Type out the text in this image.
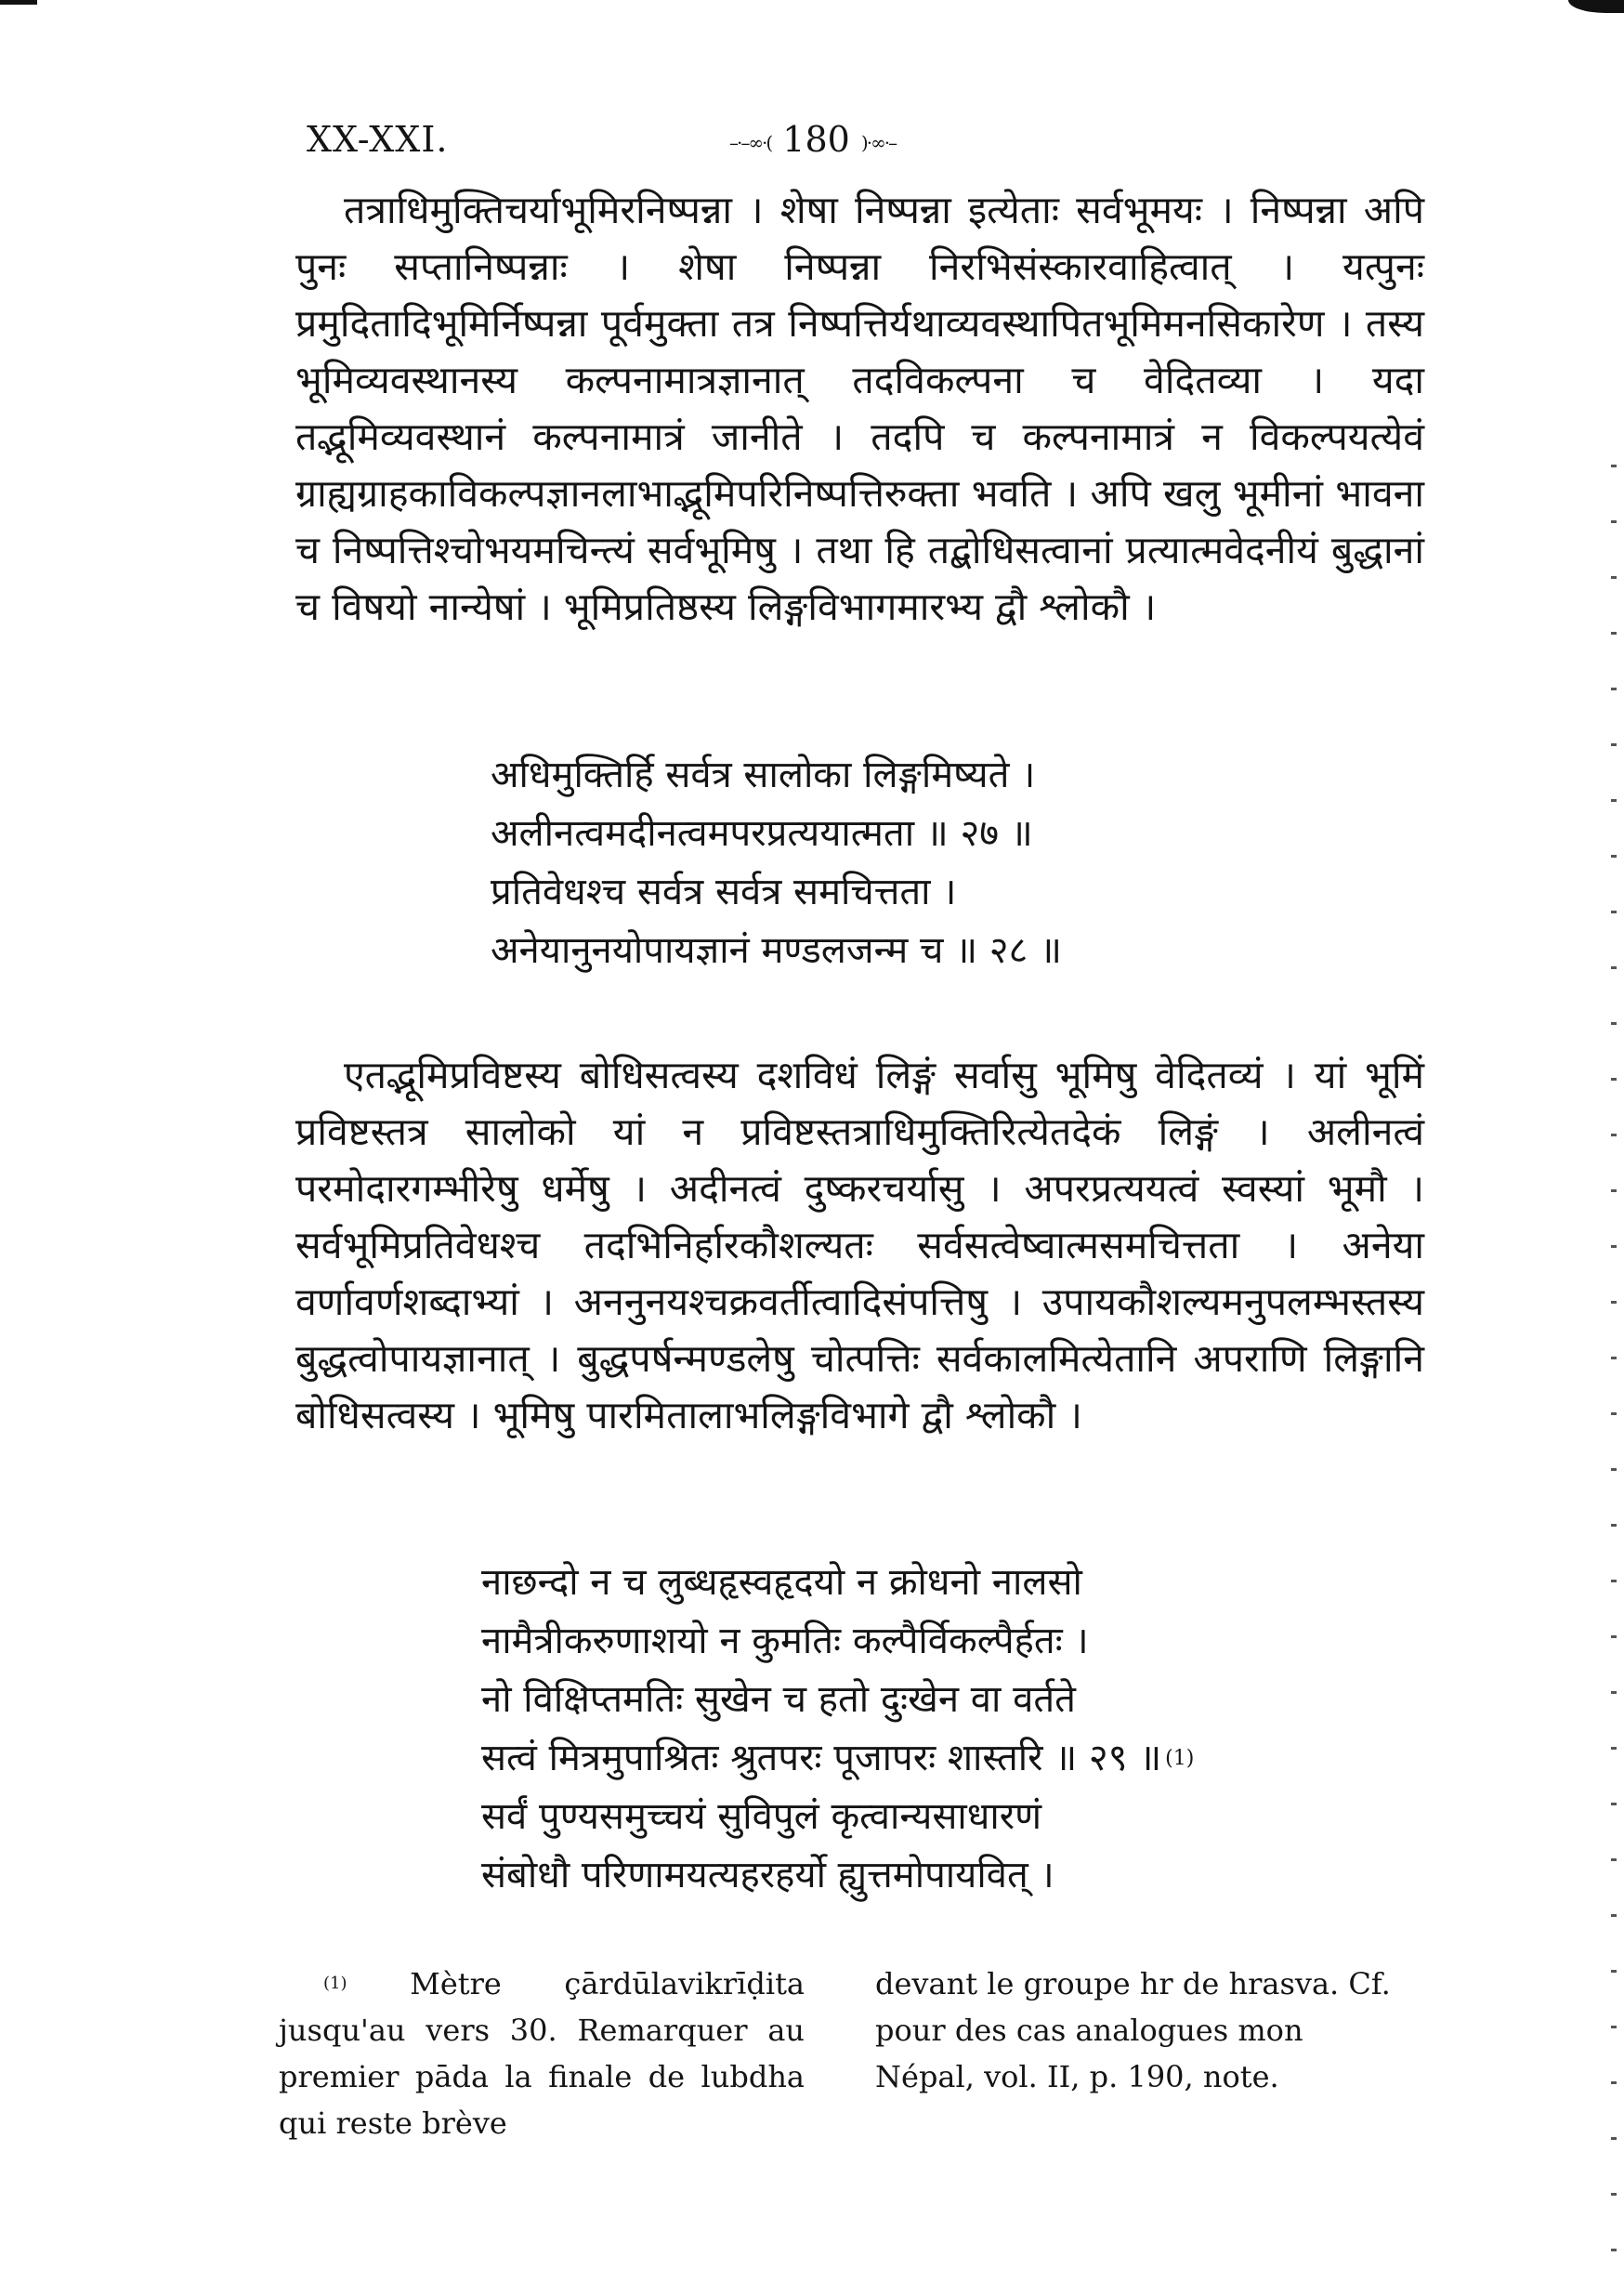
XX-XXI.	–·–∞·( 180 )·∞·–

तत्राधिमुक्तिचर्याभूमिरनिष्पन्ना । शेषा निष्पन्ना इत्येताः सर्वभूमयः । निष्पन्ना अपि पुनः सप्तानिष्पन्नाः । शेषा निष्पन्ना निरभिसंस्कारवाहित्वात् । यत्पुनः प्रमुदितादिभूमिर्निष्पन्ना पूर्वमुक्ता तत्र निष्पत्तिर्यथाव्यवस्थापितभूमिमनसिकारेण । तस्य भूमिव्यवस्थानस्य कल्पनामात्रज्ञानात् तदविकल्पना च वेदितव्या । यदा तद्भूमिव्यवस्थानं कल्पनामात्रं जानीते । तदपि च कल्पनामात्रं न विकल्पयत्येवं ग्राह्यग्राहकाविकल्पज्ञानलाभाद्भूमिपरिनिष्पत्तिरुक्ता भवति । अपि खलु भूमीनां भावना च निष्पत्तिश्चोभयमचिन्त्यं सर्वभूमिषु । तथा हि तद्बोधिसत्वानां प्रत्यात्मवेदनीयं बुद्धानां च विषयो नान्येषां । भूमिप्रतिष्ठस्य लिङ्गविभागमारभ्य द्वौ श्लोकौ ।

अधिमुक्तिर्हि सर्वत्र सालोका लिङ्गमिष्यते ।
अलीनत्वमदीनत्वमपरप्रत्ययात्मता ॥ २७ ॥
प्रतिवेधश्च सर्वत्र सर्वत्र समचित्तता ।
अनेयानुनयोपायज्ञानं मण्डलजन्म च ॥ २८ ॥

एतद्भूमिप्रविष्टस्य बोधिसत्वस्य दशविधं लिङ्गं सर्वासु भूमिषु वेदितव्यं । यां भूमिं प्रविष्टस्तत्र सालोको यां न प्रविष्टस्तत्राधिमुक्तिरित्येतदेकं लिङ्गं । अलीनत्वं परमोदारगम्भीरेषु धर्मेषु । अदीनत्वं दुष्करचर्यासु । अपरप्रत्ययत्वं स्वस्यां भूमौ । सर्वभूमिप्रतिवेधश्च तदभिनिर्हारकौशल्यतः सर्वसत्वेष्वात्मसमचित्तता । अनेया वर्णावर्णशब्दाभ्यां । अननुनयश्चक्रवर्तीत्वादिसंपत्तिषु । उपायकौशल्यमनुपलम्भस्तस्य बुद्धत्वोपायज्ञानात् । बुद्धपर्षन्मण्डलेषु चोत्पत्तिः सर्वकालमित्येतानि अपराणि लिङ्गानि बोधिसत्वस्य । भूमिषु पारमितालाभलिङ्गविभागे द्वौ श्लोकौ ।

नाछन्दो न च लुब्धहृस्वहृदयो न क्रोधनो नालसो
नामैत्रीकरुणाशयो न कुमतिः कल्पैर्विकल्पैर्हतः ।
नो विक्षिप्तमतिः सुखेन च हतो दुःखेन वा वर्तते
सत्वं मित्रमुपाश्रितः श्रुतपरः पूजापरः शास्तरि ॥ २९ ॥ $^{(1)}$
सर्वं पुण्यसमुच्चयं सुविपुलं कृत्वान्यसाधारणं
संबोधौ परिणामयत्यहरहर्यो ह्युत्तमोपायवित् ।

$^{(1)}$ Mètre çārdūlavikrīḍita jusqu'au vers 30. Remarquer au premier pāda la finale de lubdha qui reste brève

devant le groupe hr de hrasva. Cf. pour des cas analogues mon Népal, vol. II, p. 190, note.
